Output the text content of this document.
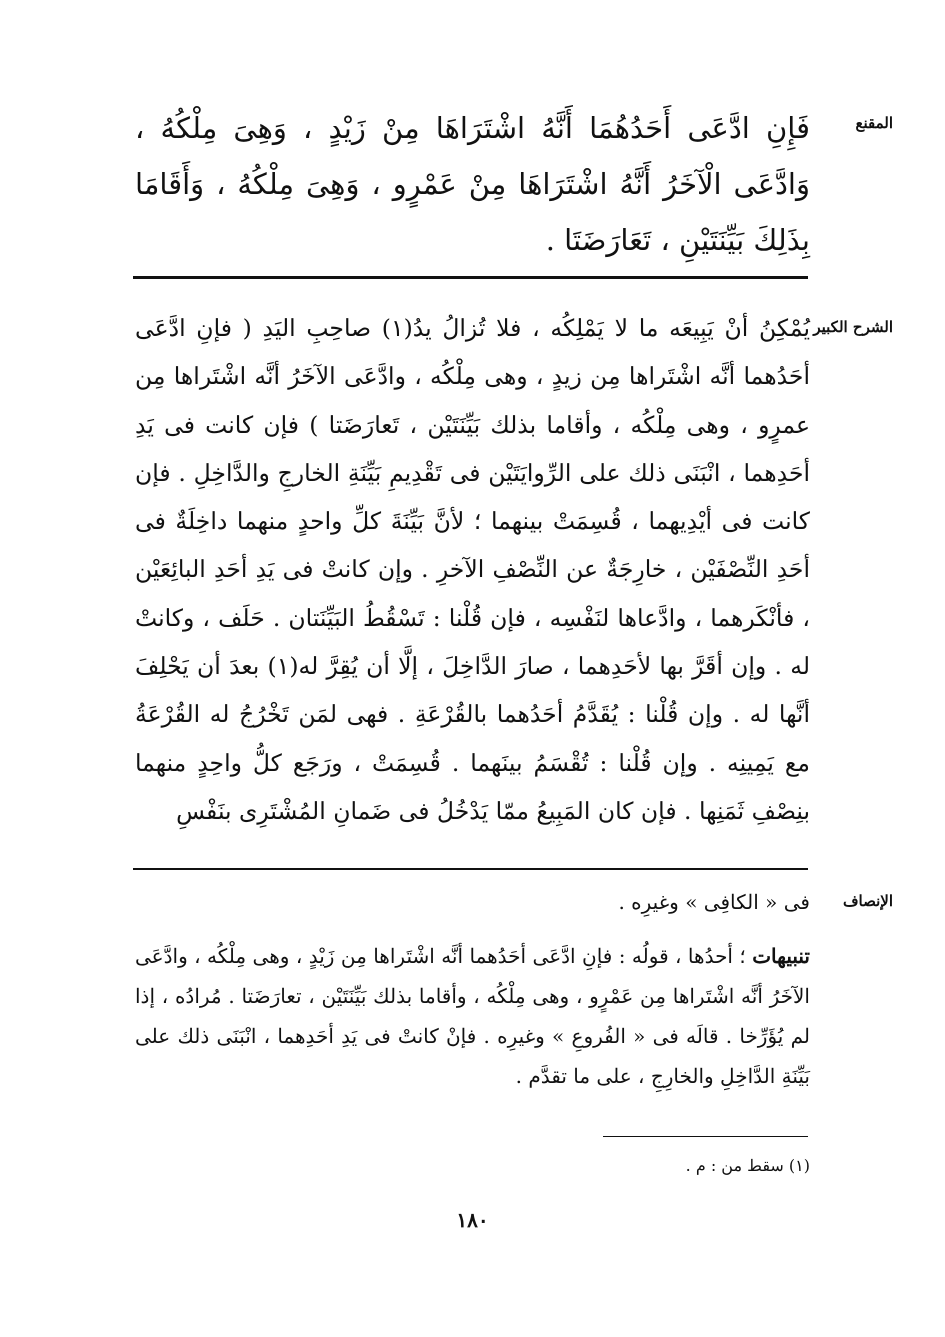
المقنع

فَإِنِ ادَّعَى أَحَدُهُمَا أَنَّهُ اشْتَرَاهَا مِنْ زَيْدٍ ، وَهِىَ مِلْكُهُ ، وَادَّعَى الْآخَرُ أَنَّهُ اشْتَرَاهَا مِنْ عَمْرٍو ، وَهِىَ مِلْكُهُ ، وَأَقَامَا بِذَلِكَ بَيِّنَتَيْنِ ، تَعَارَضَتَا .

الشرح الكبير

يُمْكِنُ أنْ يَبِيعَه ما لا يَمْلِكُه ، فلا تُزالُ يدُ(١) صاحِبِ اليَدِ ( فإنِ ادَّعَى أحَدُهما أنَّه اشْتَراها مِن زيدٍ ، وهى مِلْكُه ، وادَّعَى الآخَرُ أنَّه اشْتَراها مِن عمرٍو ، وهى مِلْكُه ، وأقاما بذلك بَيِّنَتَيْن ، تَعارَضَتا ) فإن كانت فى يَدِ أحَدِهما ، انْبَنَى ذلك على الرِّوايَتَيْن فى تَقْدِيمِ بَيِّنَةِ الخارجِ والدَّاخِلِ . فإن كانت فى أيْدِيهما ، قُسِمَتْ بينهما ؛ لأنَّ بَيِّنَةَ كلِّ واحدٍ منهما داخِلَةٌ فى أحَدِ النِّصْفَيْن ، خارِجَةٌ عن النِّصْفِ الآخرِ . وإن كانتْ فى يَدِ أحَدِ البائِعَيْن ، فأنْكَرهما ، وادَّعاها لنَفْسِه ، فإن قُلْنا : تَسْقُطُ البَيِّنَتان . حَلَف ، وكانتْ له . وإن أقَرَّ بها لأحَدِهما ، صارَ الدَّاخِلَ ، إلَّا أن يُقِرَّ له(١) بعدَ أن يَحْلِفَ أنَّها له . وإن قُلْنا : يُقَدَّمُ أحَدُهما بالقُرْعَةِ . فهى لمَن تَخْرُجُ له القُرْعَةُ مع يَمِينِه . وإن قُلْنا : تُقْسَمُ بينَهما . قُسِمَتْ ، ورَجَع كلُّ واحِدٍ منهما بنِصْفِ ثَمَنِها . فإن كان المَبِيعُ ممّا يَدْخُلُ فى ضَمانِ المُشْتَرِى بنَفْسِ

الإنصاف

فى « الكافِى » وغيرِه .

تنبيهات ؛ أحدُها ، قولُه : فإنِ ادَّعَى أحَدُهما أنَّه اشْتَراها مِن زَيْدٍ ، وهى مِلْكُه ، وادَّعَى الآخَرُ أنَّه اشْتَراها مِن عَمْرٍو ، وهى مِلْكُه ، وأقاما بذلك بَيِّنَتَيْن ، تعارَضَتا . مُرادُه ، إذا لم يُؤَرِّخا . قالَه فى « الفُروعِ » وغيرِه . فإنْ كانتْ فى يَدِ أحَدِهما ، انْبَنَى ذلك على بَيِّنَةِ الدَّاخِلِ والخارِجِ ، على ما تقدَّم .

(١) سقط من : م .
١٨٠
